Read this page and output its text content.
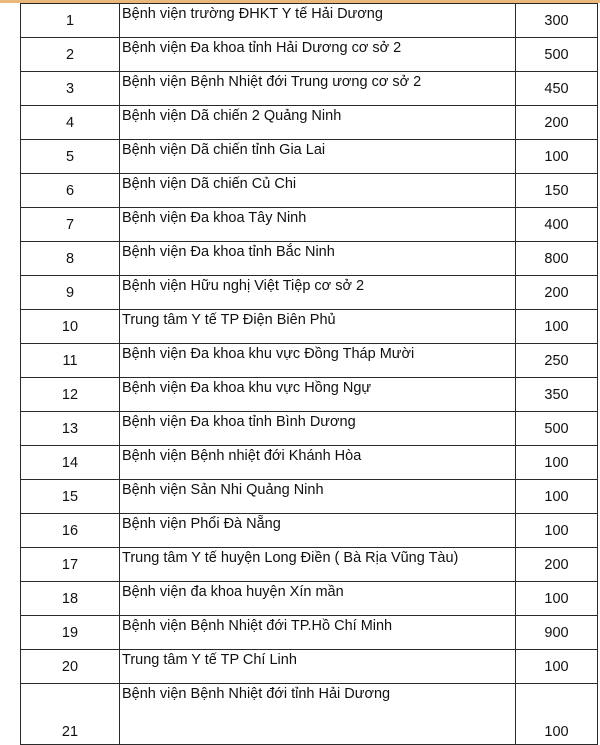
1	Bệnh viện trường ĐHKT Y tế Hải Dương	300
2	Bệnh viện Đa khoa tỉnh Hải Dương cơ sở 2	500
3	Bệnh viện Bệnh Nhiệt đới Trung ương cơ sở 2	450
4	Bệnh viện Dã chiến 2 Quảng Ninh	200
5	Bệnh viện Dã chiến tỉnh Gia Lai	100
6	Bệnh viện Dã chiến Củ Chi	150
7	Bệnh viện Đa khoa Tây Ninh	400
8	Bệnh viện Đa khoa tỉnh Bắc Ninh	800
9	Bệnh viện Hữu nghị Việt Tiệp cơ sở 2	200
10	Trung tâm Y tế TP Điện Biên Phủ	100
11	Bệnh viện Đa khoa khu vực Đồng Tháp Mười	250
12	Bệnh viện Đa khoa khu vực Hồng Ngự	350
13	Bệnh viện Đa khoa tỉnh Bình Dương	500
14	Bệnh viện Bệnh nhiệt đới Khánh Hòa	100
15	Bệnh viện Sản Nhi Quảng Ninh	100
16	Bệnh viện Phổi Đà Nẵng	100
17	Trung tâm Y tế huyện Long Điền ( Bà Rịa Vũng Tàu)	200
18	Bệnh viện đa khoa huyện Xín mần	100
19	Bệnh viện Bệnh Nhiệt đới TP.Hồ Chí Minh	900
20	Trung tâm Y tế TP Chí Linh	100
21	Bệnh viện Bệnh Nhiệt đới tỉnh Hải Dương	100
